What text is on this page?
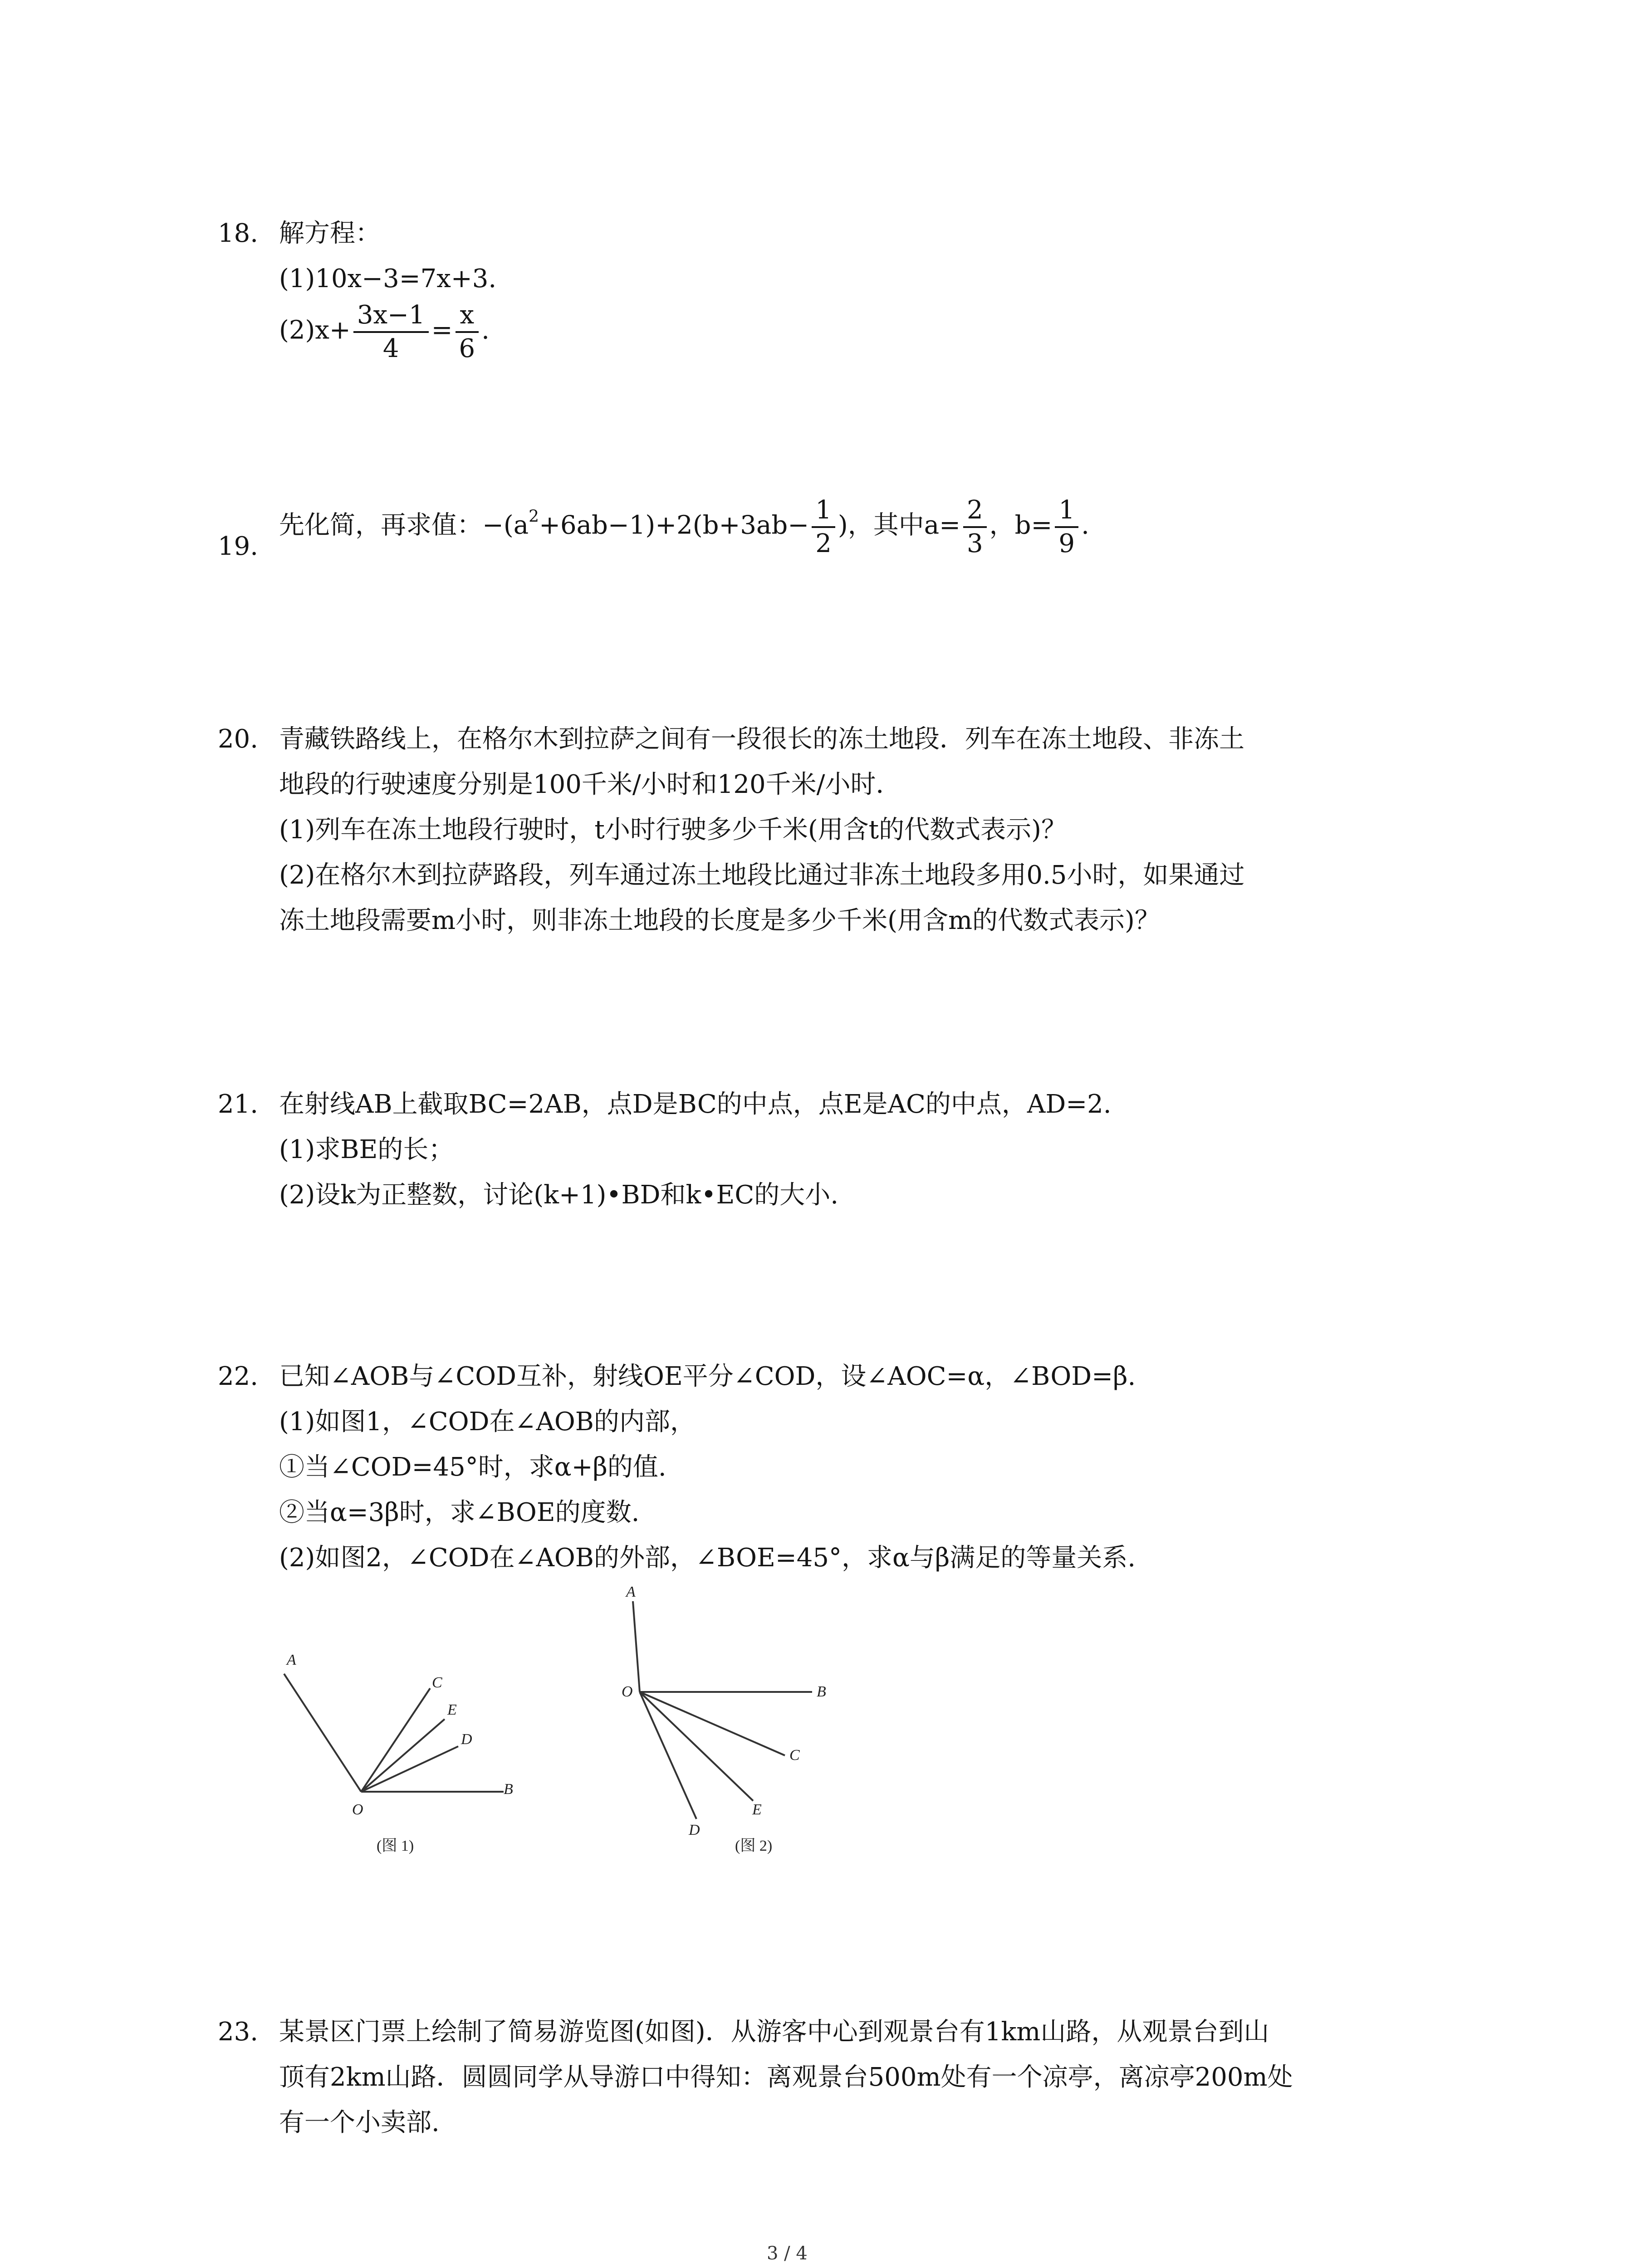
18. 解方程：
(1)10x−3=7x+3.
$(2)x+ \frac{3x-1}{4} = \frac{x}{6}$ .
19.
先化简，再求值：$-(a^2+6ab-1)+2(b+3ab- \frac{1}{2}$ )，其中$a= \frac{2}{3}$ ，$b= \frac{1}{9}$ .
20. 青藏铁路线上，在格尔木到拉萨之间有一段很长的冻土地段．列车在冻土地段、非冻土
地段的行驶速度分别是100千米/小时和120千米/小时．
(1)列车在冻土地段行驶时，t小时行驶多少千米(用含t的代数式表示)？
(2)在格尔木到拉萨路段，列车通过冻土地段比通过非冻土地段多用0.5小时，如果通过
冻土地段需要m小时，则非冻土地段的长度是多少千米(用含m的代数式表示)？
21. 在射线AB上截取BC=2AB，点D是BC的中点，点E是AC的中点，AD=2.
(1)求BE的长；
(2)设k为正整数，讨论(k+1)•BD和k•EC的大小.
22. 已知∠AOB与∠COD互补，射线OE平分∠COD，设∠AOC=α，∠BOD=β.
(1)如图1，∠COD在∠AOB的内部，
①当∠COD=45°时，求α+β的值.
②当α=3β时，求∠BOE的度数.
(2)如图2，∠COD在∠AOB的外部，∠BOE=45°，求α与β满足的等量关系.
A
C
E
D
O
B
(图 1)
A
O	B
C
E
D
(图 2)
23. 某景区门票上绘制了简易游览图(如图)．从游客中心到观景台有1km山路，从观景台到山
顶有2km山路．圆圆同学从导游口中得知：离观景台500m处有一个凉亭，离凉亭200m处
有一个小卖部.
3 / 4
